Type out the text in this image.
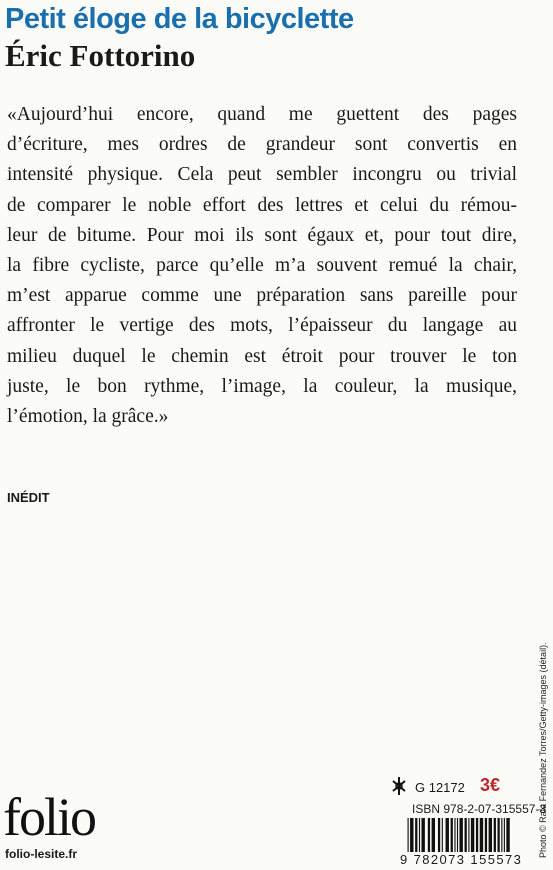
Petit éloge de la bicyclette
Éric Fottorino
«Aujourd’hui encore, quand me guettent des pages
d’écriture, mes ordres de grandeur sont convertis en
intensité physique. Cela peut sembler incongru ou trivial
de comparer le noble effort des lettres et celui du rémou-
leur de bitume. Pour moi ils sont égaux et, pour tout dire,
la fibre cycliste, parce qu’elle m’a souvent remué la chair,
m’est apparue comme une préparation sans pareille pour
affronter le vertige des mots, l’épaisseur du langage au
milieu duquel le chemin est étroit pour trouver le ton
juste, le bon rythme, l’image, la couleur, la musique,
l’émotion, la grâce.»
INÉDIT
Photo © Rafa Fernandez Torres/Getty-images (détail).
G 12172 3€
ISBN 978-2-07-315557-3
9 782073 155573
folio
folio-lesite.fr
